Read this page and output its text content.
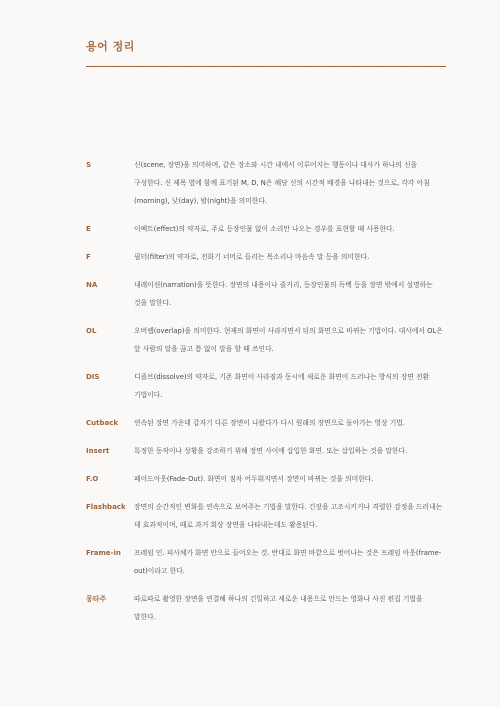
용어 정리
S	신(scene, 장면)을 의미하며, 같은 장소와 시간 내에서 이루어지는 행동이나 대사가 하나의 신을 구성한다. 신 제목 옆에 함께 표기된 M, D, N은 해당 신의 시간적 배경을 나타내는 것으로, 각각 아침(morning), 낮(day), 밤(night)을 의미한다.
E	이펙트(effect)의 약자로, 주로 등장인물 없이 소리만 나오는 경우를 표현할 때 사용한다.
F	필터(filter)의 약자로, 전화기 너머로 들리는 목소리나 마음속 말 등을 의미한다.
NA	내레이션(narration)을 뜻한다. 장면의 내용이나 줄거리, 등장인물의 독백 등을 장면 밖에서 설명하는 것을 말한다.
OL	오버랩(overlap)을 의미한다. 현재의 화면이 사라지면서 뒤의 화면으로 바뀌는 기법이다. 대사에서 OL은 앞 사람의 말을 끊고 틈 없이 말을 할 때 쓰인다.
DIS	디졸브(dissolve)의 약자로, 기존 화면이 사라짐과 동시에 새로운 화면이 드러나는 방식의 장면 전환 기법이다.
Cutback	연속된 장면 가운데 갑자기 다른 장면이 나왔다가 다시 원래의 장면으로 돌아가는 영상 기법.
Insert	특정한 동작이나 상황을 강조하기 위해 장면 사이에 삽입한 화면. 또는 삽입하는 것을 말한다.
F.O	페이드아웃(Fade-Out). 화면이 점차 어두워지면서 장면이 바뀌는 것을 의미한다.
Flashback	장면의 순간적인 변화를 연속으로 보여주는 기법을 말한다. 긴장을 고조시키거나 격렬한 감정을 드러내는 데 효과적이며, 때로 과거 회상 장면을 나타내는데도 활용된다.
Frame-in	프레임 인. 피사체가 화면 안으로 들어오는 것. 반대로 화면 바깥으로 벗어나는 것은 프레임 아웃(frame-out)이라고 한다.
몽타주	따로따로 촬영한 장면을 연결해 하나의 긴밀하고 새로운 내용으로 만드는 영화나 사진 편집 기법을 말한다.
